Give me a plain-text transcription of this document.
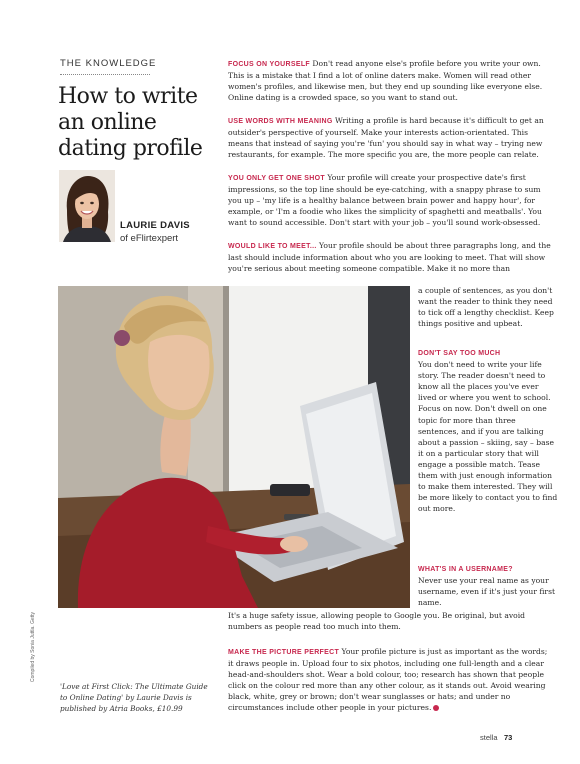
THE KNOWLEDGE
How to write an online dating profile
LAURIE DAVIS
of eFlirtexpert

FOCUS ON YOURSELF Don't read anyone else's profile before you write your own. This is a mistake that I find a lot of online daters make. Women will read other women's profiles, and likewise men, but they end up sounding like everyone else. Online dating is a crowded space, so you want to stand out.

USE WORDS WITH MEANING Writing a profile is hard because it's difficult to get an outsider's perspective of yourself. Make your interests action-orientated. This means that instead of saying you're 'fun' you should say in what way – trying new restaurants, for example. The more specific you are, the more people can relate.

YOU ONLY GET ONE SHOT Your profile will create your prospective date's first impressions, so the top line should be eye-catching, with a snappy phrase to sum you up – 'my life is a healthy balance between brain power and happy hour', for example, or 'I'm a foodie who likes the simplicity of spaghetti and meatballs'. You want to sound accessible. Don't start with your job – you'll sound work-obsessed.

WOULD LIKE TO MEET... Your profile should be about three paragraphs long, and the last should include information about who you are looking to meet. That will show you're serious about meeting someone compatible. Make it no more than

a couple of sentences, as you don't want the reader to think they need to tick off a lengthy checklist. Keep things positive and upbeat.

DON'T SAY TOO MUCH
You don't need to write your life story. The reader doesn't need to know all the places you've ever lived or where you went to school. Focus on now. Don't dwell on one topic for more than three sentences, and if you are talking about a passion – skiing, say – base it on a particular story that will engage a possible match. Tease them with just enough information to make them interested. They will be more likely to contact you to find out more.

WHAT'S IN A USERNAME?
Never use your real name as your username, even if it's just your first name.

It's a huge safety issue, allowing people to Google you. Be original, but avoid numbers as people read too much into them.

MAKE THE PICTURE PERFECT Your profile picture is just as important as the words; it draws people in. Upload four to six photos, including one full-length and a clear head-and-shoulders shot. Wear a bold colour, too; research has shown that people click on the colour red more than any other colour, as it stands out. Avoid wearing black, white, grey or brown; don't wear sunglasses or hats; and under no circumstances include other people in your pictures.

'Love at First Click: The Ultimate Guide to Online Dating' by Laurie Davis is published by Atria Books, £10.99

Compiled by Sonia Juttla. Getty
stella 73
